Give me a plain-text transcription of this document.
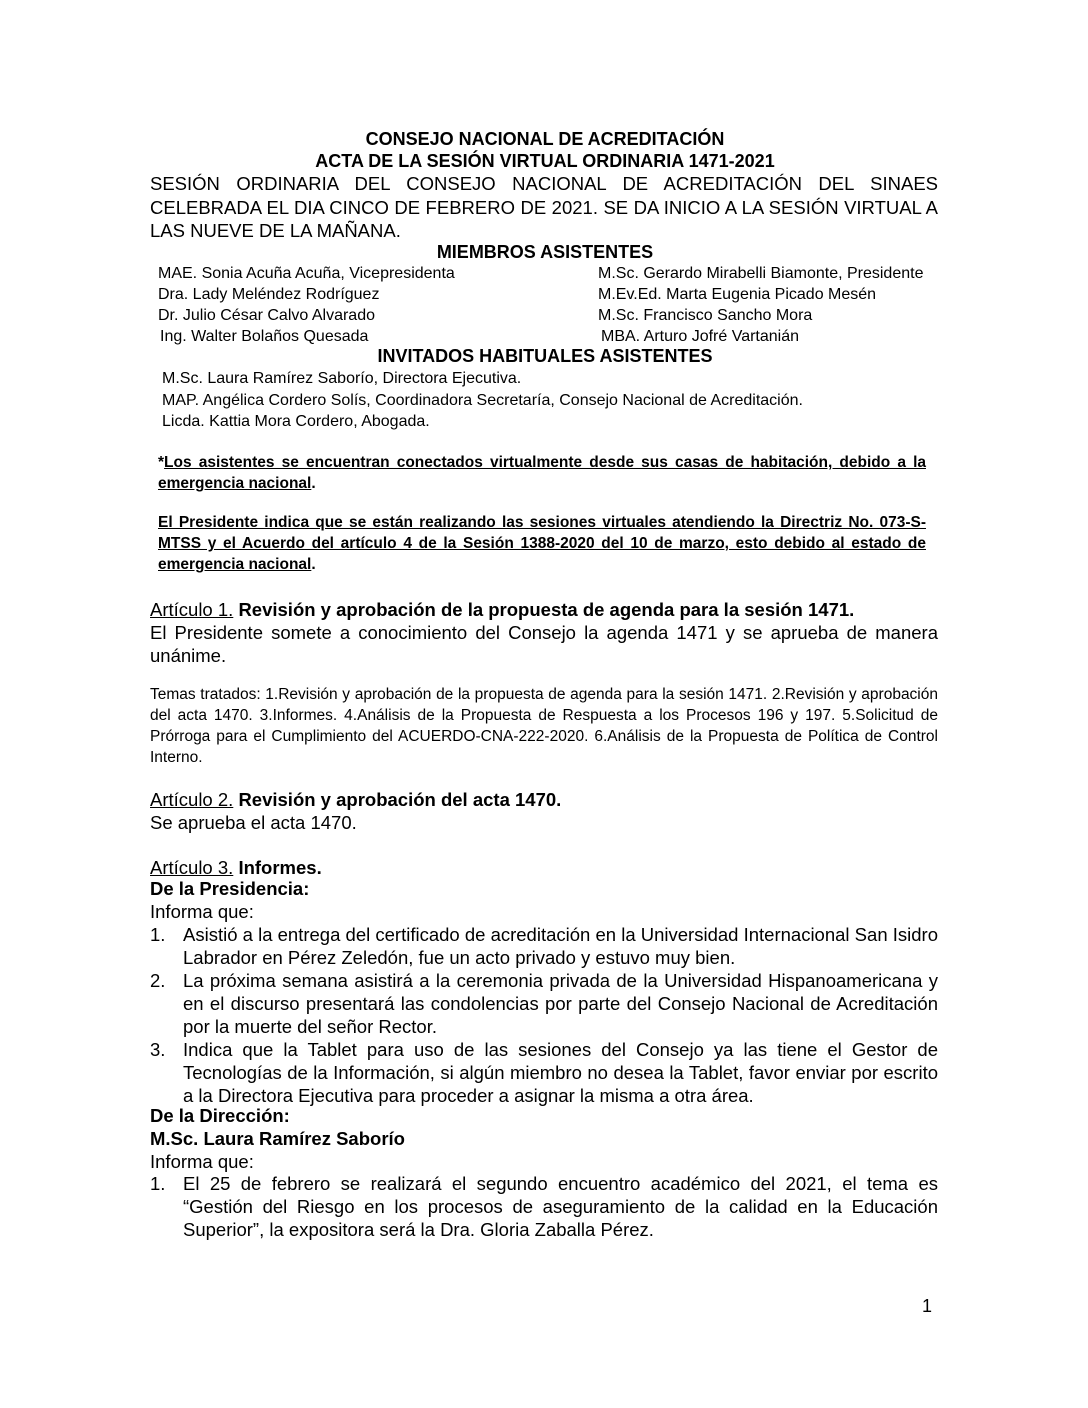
CONSEJO NACIONAL DE ACREDITACIÓN
ACTA DE LA SESIÓN VIRTUAL ORDINARIA 1471-2021
SESIÓN ORDINARIA DEL CONSEJO NACIONAL DE ACREDITACIÓN DEL SINAES CELEBRADA EL DIA CINCO DE FEBRERO DE 2021. SE DA INICIO A LA SESIÓN VIRTUAL A LAS NUEVE DE LA MAÑANA.
MIEMBROS ASISTENTES
MAE. Sonia Acuña Acuña, Vicepresidenta	M.Sc. Gerardo Mirabelli Biamonte, Presidente
Dra. Lady Meléndez Rodríguez	M.Ev.Ed. Marta Eugenia Picado Mesén
Dr. Julio César Calvo Alvarado	M.Sc. Francisco Sancho Mora
Ing. Walter Bolaños Quesada	MBA. Arturo Jofré Vartanián
INVITADOS HABITUALES ASISTENTES
M.Sc. Laura Ramírez Saborío, Directora Ejecutiva.
MAP. Angélica Cordero Solís, Coordinadora Secretaría, Consejo Nacional de Acreditación.
Licda. Kattia Mora Cordero, Abogada.
*Los asistentes se encuentran conectados virtualmente desde sus casas de habitación, debido a la emergencia nacional.
El Presidente indica que se están realizando las sesiones virtuales atendiendo la Directriz No. 073-S-MTSS y el Acuerdo del artículo 4 de la Sesión 1388-2020 del 10 de marzo, esto debido al estado de emergencia nacional.
Artículo 1. Revisión y aprobación de la propuesta de agenda para la sesión 1471.
El Presidente somete a conocimiento del Consejo la agenda 1471 y se aprueba de manera unánime.
Temas tratados: 1.Revisión y aprobación de la propuesta de agenda para la sesión 1471. 2.Revisión y aprobación del acta 1470. 3.Informes. 4.Análisis de la Propuesta de Respuesta a los Procesos 196 y 197. 5.Solicitud de Prórroga para el Cumplimiento del ACUERDO-CNA-222-2020. 6.Análisis de la Propuesta de Política de Control Interno.
Artículo 2. Revisión y aprobación del acta 1470.
Se aprueba el acta 1470.
Artículo 3. Informes.
De la Presidencia:
Informa que:
1. Asistió a la entrega del certificado de acreditación en la Universidad Internacional San Isidro Labrador en Pérez Zeledón, fue un acto privado y estuvo muy bien.
2. La próxima semana asistirá a la ceremonia privada de la Universidad Hispanoamericana y en el discurso presentará las condolencias por parte del Consejo Nacional de Acreditación por la muerte del señor Rector.
3. Indica que la Tablet para uso de las sesiones del Consejo ya las tiene el Gestor de Tecnologías de la Información, si algún miembro no desea la Tablet, favor enviar por escrito a la Directora Ejecutiva para proceder a asignar la misma a otra área.
De la Dirección:
M.Sc. Laura Ramírez Saborío
Informa que:
1. El 25 de febrero se realizará el segundo encuentro académico del 2021, el tema es “Gestión del Riesgo en los procesos de aseguramiento de la calidad en la Educación Superior”, la expositora será la Dra. Gloria Zaballa Pérez.
1
